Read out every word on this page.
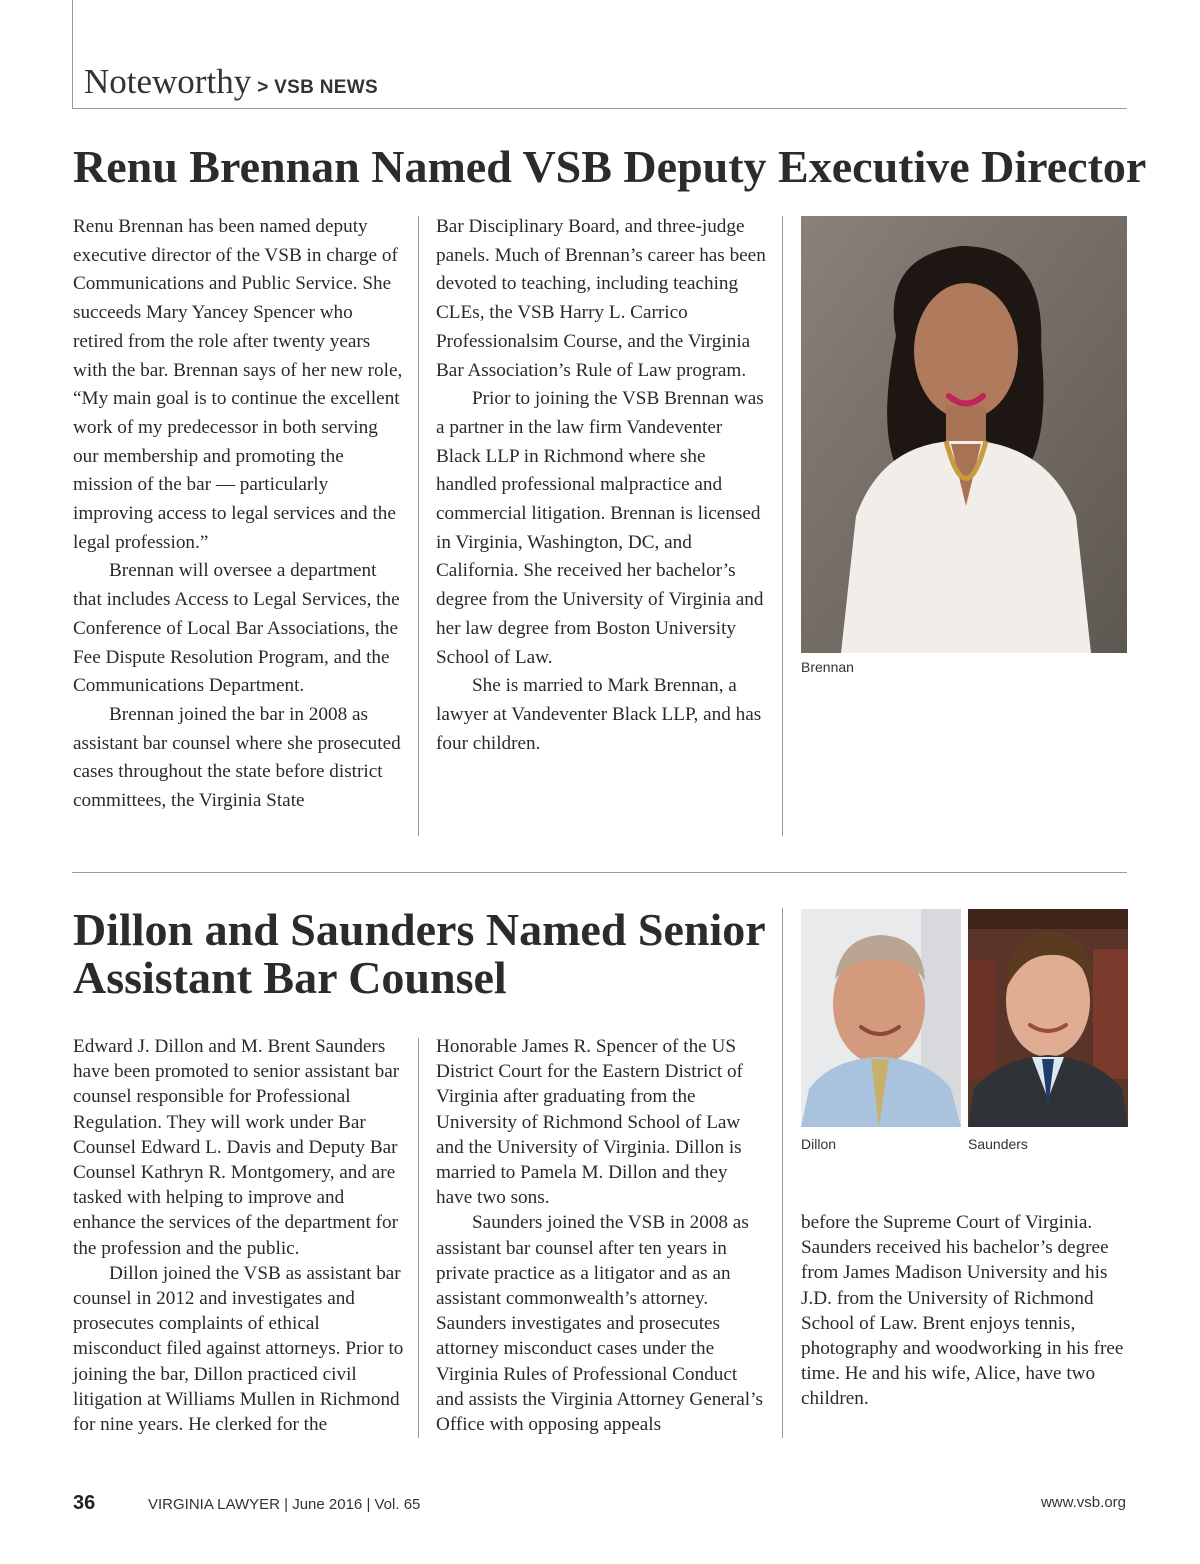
Noteworthy > VSB NEWS
Renu Brennan Named VSB Deputy Executive Director

Renu Brennan has been named deputy executive director of the VSB in charge of Communications and Public Service. She succeeds Mary Yancey Spencer who retired from the role after twenty years with the bar. Brennan says of her new role, “My main goal is to continue the excellent work of my predecessor in both serving our membership and promoting the mission of the bar — particularly improving access to legal services and the legal profession.”

Brennan will oversee a department that includes Access to Legal Services, the Conference of Local Bar Associations, the Fee Dispute Resolution Program, and the Communications Department.

Brennan joined the bar in 2008 as assistant bar counsel where she prosecuted cases throughout the state before district committees, the Virginia State

Bar Disciplinary Board, and three-judge panels. Much of Brennan’s career has been devoted to teaching, including teaching CLEs, the VSB Harry L. Carrico Professionalsim Course, and the Virginia Bar Association’s Rule of Law program.

Prior to joining the VSB Brennan was a partner in the law firm Vandeventer Black LLP in Richmond where she handled professional malpractice and commercial litigation. Brennan is licensed in Virginia, Washington, DC, and California. She received her bachelor’s degree from the University of Virginia and her law degree from Boston University School of Law.

She is married to Mark Brennan, a lawyer at Vandeventer Black LLP, and has four children.

Brennan
Dillon and Saunders Named Senior Assistant Bar Counsel

Edward J. Dillon and M. Brent Saunders have been promoted to senior assistant bar counsel responsible for Professional Regulation. They will work under Bar Counsel Edward L. Davis and Deputy Bar Counsel Kathryn R. Montgomery, and are tasked with helping to improve and enhance the services of the department for the profession and the public.

Dillon joined the VSB as assistant bar counsel in 2012 and investigates and prosecutes complaints of ethical misconduct filed against attorneys. Prior to joining the bar, Dillon practiced civil litigation at Williams Mullen in Richmond for nine years. He clerked for the

Honorable James R. Spencer of the US District Court for the Eastern District of Virginia after graduating from the University of Richmond School of Law and the University of Virginia. Dillon is married to Pamela M. Dillon and they have two sons.

Saunders joined the VSB in 2008 as assistant bar counsel after ten years in private practice as a litigator and as an assistant commonwealth’s attorney. Saunders investigates and prosecutes attorney misconduct cases under the Virginia Rules of Professional Conduct and assists the Virginia Attorney General’s Office with opposing appeals

Dillon	Saunders

before the Supreme Court of Virginia. Saunders received his bachelor’s degree from James Madison University and his J.D. from the University of Richmond School of Law. Brent enjoys tennis, photography and woodworking in his free time. He and his wife, Alice, have two children.

36	VIRGINIA LAWYER | June 2016 | Vol. 65	www.vsb.org
